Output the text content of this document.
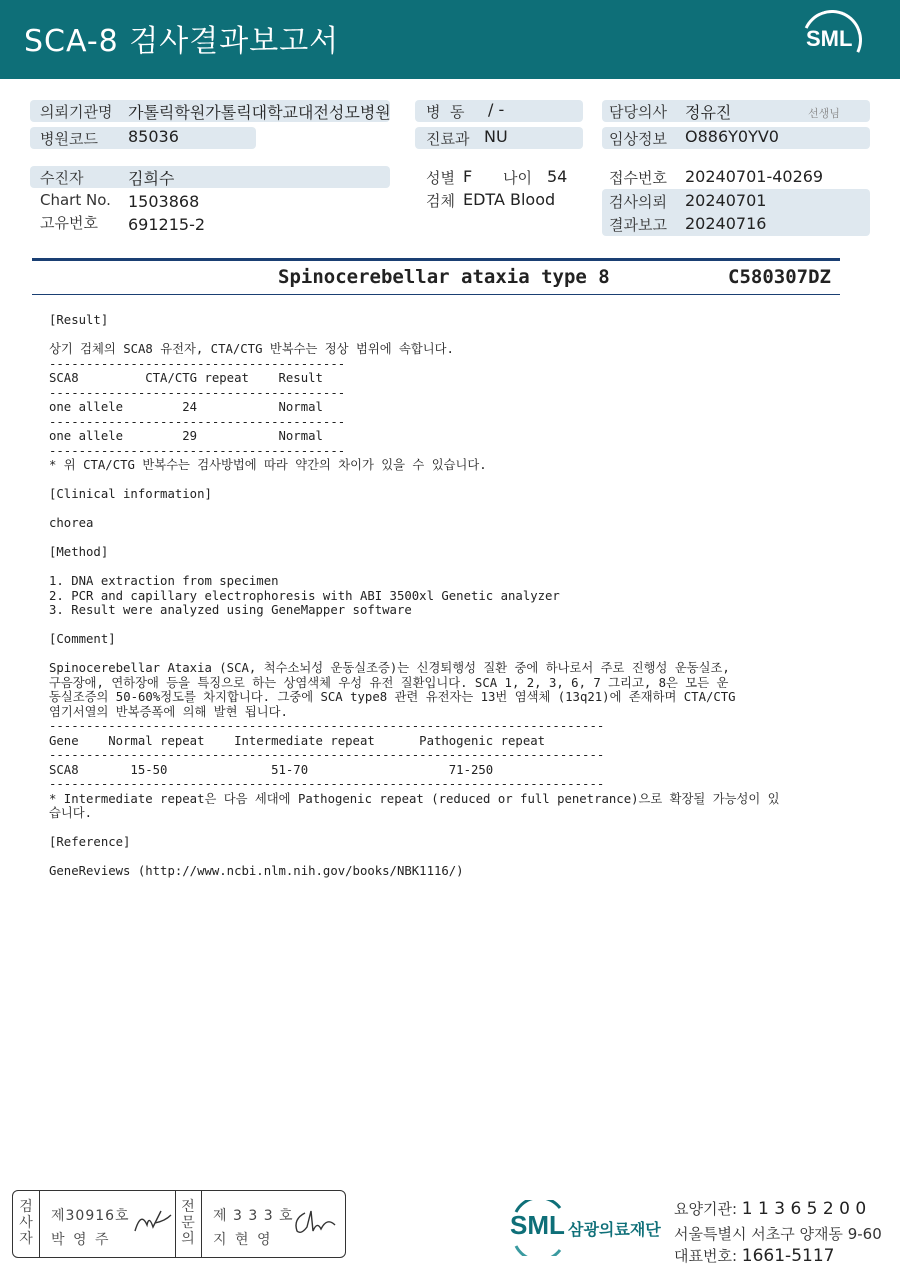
SCA-8 검사결과보고서	SML
의뢰기관명 가톨릭학원가톨릭대학교대전성모병원
병원코드 85036
수진자	김희수
Chart No. 1503868
고유번호 691215-2
병  동 / -
진료과 NU
성별 F 나이 54
검체 EDTA Blood
담당의사 정유진	선생님
임상정보 O886Y0YV0
접수번호 20240701-40269
검사의뢰 20240701
결과보고 20240716
Spinocerebellar ataxia type 8	C580307DZ
[Result]
상기 검체의 SCA8 유전자, CTA/CTG 반복수는 정상 범위에 속합니다.
----------------------------------------
SCA8         CTA/CTG repeat    Result
----------------------------------------
one allele        24           Normal
----------------------------------------
one allele        29           Normal
----------------------------------------
* 위 CTA/CTG 반복수는 검사방법에 따라 약간의 차이가 있을 수 있습니다.
[Clinical information]
chorea
[Method]
1. DNA extraction from specimen
2. PCR and capillary electrophoresis with ABI 3500xl Genetic analyzer
3. Result were analyzed using GeneMapper software
[Comment]
Spinocerebellar Ataxia (SCA, 척수소뇌성 운동실조증)는 신경퇴행성 질환 중에 하나로서 주로 진행성 운동실조,
구음장애, 연하장애 등을 특징으로 하는 상염색체 우성 유전 질환입니다. SCA 1, 2, 3, 6, 7 그리고, 8은 모든 운
동실조증의 50-60%정도를 차지합니다. 그중에 SCA type8 관련 유전자는 13번 염색체 (13q21)에 존재하며 CTA/CTG
염기서열의 반복증폭에 의해 발현 됩니다.
---------------------------------------------------------------------------
Gene    Normal repeat    Intermediate repeat      Pathogenic repeat
---------------------------------------------------------------------------
SCA8       15-50              51-70                   71-250
---------------------------------------------------------------------------
* Intermediate repeat은 다음 세대에 Pathogenic repeat (reduced or full penetrance)으로 확장될 가능성이 있
습니다.
[Reference]
GeneReviews (http://www.ncbi.nlm.nih.gov/books/NBK1116/)
검
사
자
제30916호
박 영 주
전
문
의
제 3 3 3 호
지 현 영	SML 삼광의료재단
요양기관: 1 1 3 6 5 2 0 0
서울특별시 서초구 양재동 9-60
대표번호: 1661-5117
